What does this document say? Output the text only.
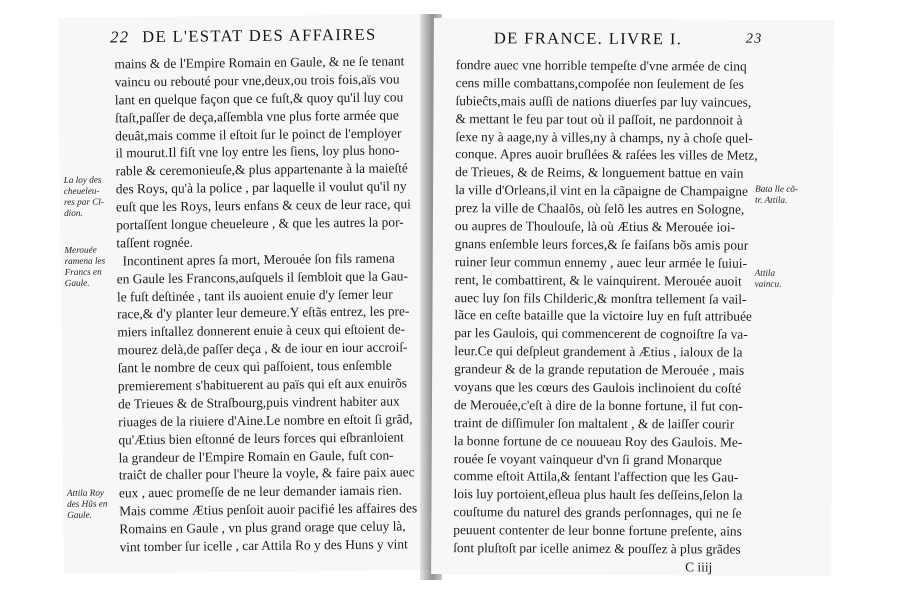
22 DE L'ESTAT DES AFFAIRES
La loy des
cheueleu-
res par Cl-
dion.
Merouée
ramena les
Francs en
Gaule.
Attila Roy
des Hũs en
Gaule.
mains & de l'Empire Romain en Gaule, & ne ſe tenant
vaincu ou rebouté pour vne,deux,ou trois fois,aïs vou
lant en quelque façon que ce fuſt,& quoy qu'il luy cou
ſtaſt,paſſer de deça,aſſembla vne plus forte armée que
deuât,mais comme il eſtoit ſur le poinct de l'employer
il mourut.Il fiſt vne loy entre les ſiens, loy plus hono-
rable & ceremonieuſe,& plus appartenante à la maieſté
des Roys, qu'à la police , par laquelle il voulut qu'il ny
euſt que les Roys, leurs enfans & ceux de leur race, qui
portaſſent longue cheueleure , & que les autres la por-
taſſent rognée.
Incontinent apres ſa mort, Merouée ſon fils ramena
en Gaule les Francons,auſquels il ſembloit que la Gau-
le fuſt deſtinée , tant ils auoient enuie d'y ſemer leur
race,& d'y planter leur demeure.Y eſtãs entrez, les pre-
miers inſtallez donnerent enuie à ceux qui eſtoient de-
mourez delà,de paſſer deça , & de iour en iour accroiſ-
ſant le nombre de ceux qui paſſoient, tous enſemble
premierement s'habituerent au païs qui eſt aux enuirõs
de Trieues & de Straſbourg,puis vindrent habiter aux
riuages de la riuiere d'Aine.Le nombre en eſtoit ſi grãd,
qu'Ætius bien eſtonné de leurs forces qui eſbranloient
la grandeur de l'Empire Romain en Gaule, fuſt con-
traiĉt de challer pour l'heure la voyle, & faire paix auec
eux , auec promeſſe de ne leur demander iamais rien.
Mais comme Ætius penſoit auoir pacifié les affaires des
Romains en Gaule , vn plus grand orage que celuy là,
vint tomber ſur icelle , car Attila Ro y des Huns y vint
DE FRANCE. LIVRE I.	23
Bata lle cõ-
tr. Attila.
Attila
vaincu.
fondre auec vne horrible tempeſte d'vne armée de cinq
cens mille combattans,compoſée non ſeulement de ſes
ſubieĉts,mais auſſi de nations diuerſes par luy vaincues,
& mettant le feu par tout où il paſſoit, ne pardonnoit à
ſexe ny à aage,ny à villes,ny à champs, ny à choſe quel-
conque. Apres auoir bruſlées & raſées les villes de Metz,
de Trieues, & de Reims, & longuement battue en vain
la ville d'Orleans,il vint en la cãpaigne de Champaigne
prez la ville de Chaalõs, où ſelõ les autres en Sologne,
ou aupres de Thoulouſe, là où Ætius & Merouée ioi-
gnans enſemble leurs forces,& ſe faiſans bõs amis pour
ruiner leur commun ennemy , auec leur armée le ſuiui-
rent, le combattirent, & le vainquirent. Merouée auoit
auec luy ſon fils Childeric,& monſtra tellement ſa vail-
lãce en ceſte bataille que la victoire luy en fuſt attribuée
par les Gaulois, qui commencerent de cognoiſtre ſa va-
leur.Ce qui deſpleut grandement à Ætius , ialoux de la
grandeur & de la grande reputation de Merouée , mais
voyans que les cœurs des Gaulois inclinoient du coſté
de Merouée,c'eſt à dire de la bonne fortune, il fut con-
traint de diſſimuler ſon maltalent , & de laiſſer courir
la bonne fortune de ce nouueau Roy des Gaulois. Me-
rouée ſe voyant vainqueur d'vn ſi grand Monarque
comme eſtoit Attila,& ſentant l'affection que les Gau-
lois luy portoient,eſleua plus hault ſes deſſeins,ſelon la
couſtume du naturel des grands perſonnages, qui ne ſe
peuuent contenter de leur bonne fortune preſente, ains
ſont pluſtoſt par icelle animez & pouſſez à plus grãdes
C iiij
